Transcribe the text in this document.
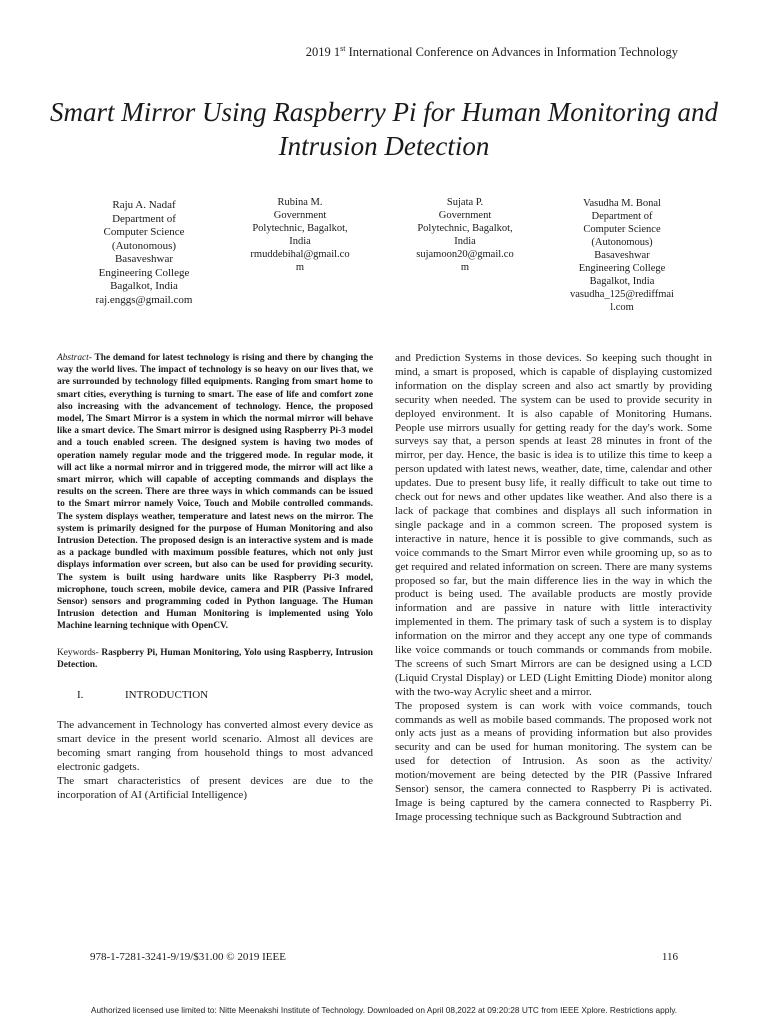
2019 1st International Conference on Advances in Information Technology
Smart Mirror Using Raspberry Pi for Human Monitoring and Intrusion Detection
Raju A. Nadaf
Department of
Computer Science
(Autonomous)
Basaveshwar
Engineering College
Bagalkot, India
raj.enggs@gmail.com
Rubina M.
Government
Polytechnic, Bagalkot,
India
rmuddebihal@gmail.co
m
Sujata P.
Government
Polytechnic, Bagalkot,
India
sujamoon20@gmail.co
m
Vasudha M. Bonal
Department of
Computer Science
(Autonomous)
Basaveshwar
Engineering College
Bagalkot, India
vasudha_125@rediffmai
l.com

Abstract- The demand for latest technology is rising and there by changing the way the world lives. The impact of technology is so heavy on our lives that, we are surrounded by technology filled equipments. Ranging from smart home to smart cities, everything is turning to smart. The ease of life and comfort zone also increasing with the advancement of technology. Hence, the proposed model, The Smart Mirror is a system in which the normal mirror will behave like a smart device. The Smart mirror is designed using Raspberry Pi-3 model and a touch enabled screen. The designed system is having two modes of operation namely regular mode and the triggered mode. In regular mode, it will act like a normal mirror and in triggered mode, the mirror will act like a smart mirror, which will capable of accepting commands and displays the results on the screen. There are three ways in which commands can be issued to the Smart mirror namely Voice, Touch and Mobile controlled commands. The system displays weather, temperature and latest news on the mirror. The system is primarily designed for the purpose of Human Monitoring and also Intrusion Detection. The proposed design is an interactive system and is made as a package bundled with maximum possible features, which not only just displays information over screen, but also can be used for providing security. The system is built using hardware units like Raspberry Pi-3 model, microphone, touch screen, mobile device, camera and PIR (Passive Infrared Sensor) sensors and programming coded in Python language. The Human Intrusion detection and Human Monitoring is implemented using Yolo Machine learning technique with OpenCV.

Keywords- Raspberry Pi, Human Monitoring, Yolo using Raspberry, Intrusion Detection.

I.	INTRODUCTION

The advancement in Technology has converted almost every device as smart device in the present world scenario. Almost all devices are becoming smart ranging from household things to most advanced electronic gadgets.

The smart characteristics of present devices are due to the incorporation of AI (Artificial Intelligence)

and Prediction Systems in those devices. So keeping such thought in mind, a smart is proposed, which is capable of displaying customized information on the display screen and also act smartly by providing security when needed. The system can be used to provide security in deployed environment. It is also capable of Monitoring Humans. People use mirrors usually for getting ready for the day's work. Some surveys say that, a person spends at least 28 minutes in front of the mirror, per day. Hence, the basic is idea is to utilize this time to keep a person updated with latest news, weather, date, time, calendar and other updates. Due to present busy life, it really difficult to take out time to check out for news and other updates like weather. And also there is a lack of package that combines and displays all such information in single package and in a common screen. The proposed system is interactive in nature, hence it is possible to give commands, such as voice commands to the Smart Mirror even while grooming up, so as to get required and related information on screen. There are many systems proposed so far, but the main difference lies in the way in which the product is being used. The available products are mostly provide information and are passive in nature with little interactivity implemented in them. The primary task of such a system is to display information on the mirror and they accept any one type of commands like voice commands or touch commands or commands from mobile. The screens of such Smart Mirrors are can be designed using a LCD (Liquid Crystal Display) or LED (Light Emitting Diode) monitor along with the two-way Acrylic sheet and a mirror.

The proposed system is can work with voice commands, touch commands as well as mobile based commands. The proposed work not only acts just as a means of providing information but also provides security and can be used for human monitoring. The system can be used for detection of Intrusion. As soon as the activity/ motion/movement are being detected by the PIR (Passive Infrared Sensor) sensor, the camera connected to Raspberry Pi is activated. Image is being captured by the camera connected to Raspberry Pi. Image processing technique such as Background Subtraction and

978-1-7281-3241-9/19/$31.00 © 2019 IEEE	116
Authorized licensed use limited to: Nitte Meenakshi Institute of Technology. Downloaded on April 08,2022 at 09:20:28 UTC from IEEE Xplore. Restrictions apply.
